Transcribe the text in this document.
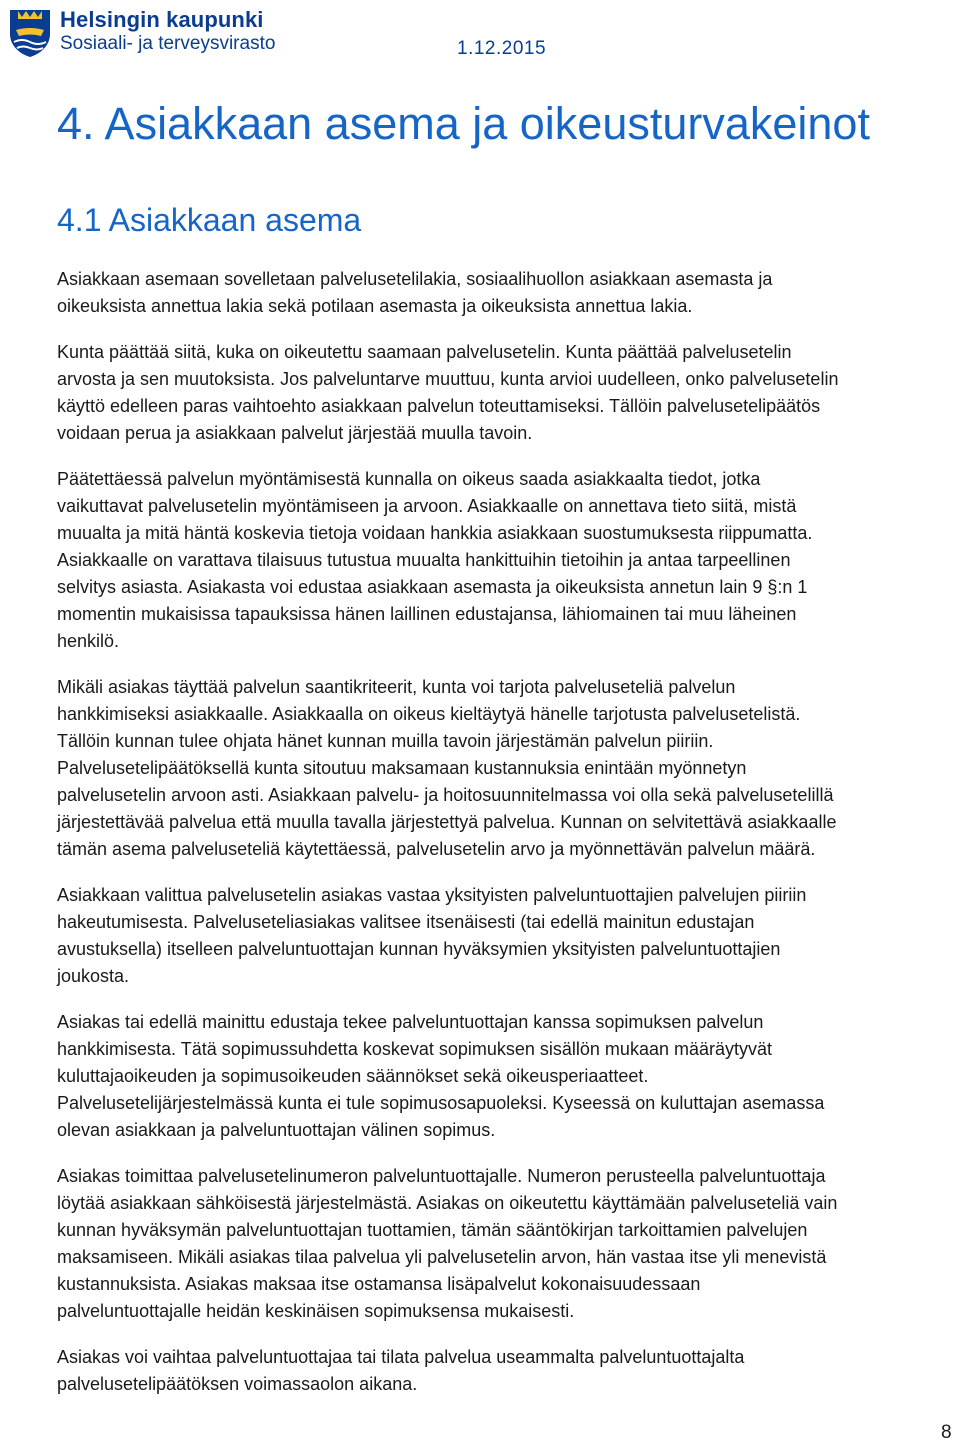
Helsingin kaupunki
Sosiaali- ja terveysvirasto	1.12.2015
4. Asiakkaan asema ja oikeusturvakeinot
4.1 Asiakkaan asema

Asiakkaan asemaan sovelletaan palvelusetelilakia, sosiaalihuollon asiakkaan asemasta ja
oikeuksista annettua lakia sekä potilaan asemasta ja oikeuksista annettua lakia.

Kunta päättää siitä, kuka on oikeutettu saamaan palvelusetelin. Kunta päättää palvelusetelin
arvosta ja sen muutoksista. Jos palveluntarve muuttuu, kunta arvioi uudelleen, onko palvelusetelin
käyttö edelleen paras vaihtoehto asiakkaan palvelun toteuttamiseksi. Tällöin palvelusetelipäätös
voidaan perua ja asiakkaan palvelut järjestää muulla tavoin.

Päätettäessä palvelun myöntämisestä kunnalla on oikeus saada asiakkaalta tiedot, jotka
vaikuttavat palvelusetelin myöntämiseen ja arvoon. Asiakkaalle on annettava tieto siitä, mistä
muualta ja mitä häntä koskevia tietoja voidaan hankkia asiakkaan suostumuksesta riippumatta.
Asiakkaalle on varattava tilaisuus tutustua muualta hankittuihin tietoihin ja antaa tarpeellinen
selvitys asiasta. Asiakasta voi edustaa asiakkaan asemasta ja oikeuksista annetun lain 9 §:n 1
momentin mukaisissa tapauksissa hänen laillinen edustajansa, lähiomainen tai muu läheinen
henkilö.

Mikäli asiakas täyttää palvelun saantikriteerit, kunta voi tarjota palveluseteliä palvelun
hankkimiseksi asiakkaalle. Asiakkaalla on oikeus kieltäytyä hänelle tarjotusta palvelusetelistä.
Tällöin kunnan tulee ohjata hänet kunnan muilla tavoin järjestämän palvelun piiriin.
Palvelusetelipäätöksellä kunta sitoutuu maksamaan kustannuksia enintään myönnetyn
palvelusetelin arvoon asti. Asiakkaan palvelu- ja hoitosuunnitelmassa voi olla sekä palvelusetelillä
järjestettävää palvelua että muulla tavalla järjestettyä palvelua. Kunnan on selvitettävä asiakkaalle
tämän asema palveluseteliä käytettäessä, palvelusetelin arvo ja myönnettävän palvelun määrä.

Asiakkaan valittua palvelusetelin asiakas vastaa yksityisten palveluntuottajien palvelujen piiriin
hakeutumisesta. Palveluseteliasiakas valitsee itsenäisesti (tai edellä mainitun edustajan
avustuksella) itselleen palveluntuottajan kunnan hyväksymien yksityisten palveluntuottajien
joukosta.

Asiakas tai edellä mainittu edustaja tekee palveluntuottajan kanssa sopimuksen palvelun
hankkimisesta. Tätä sopimussuhdetta koskevat sopimuksen sisällön mukaan määräytyvät
kuluttajaoikeuden ja sopimusoikeuden säännökset sekä oikeusperiaatteet.
Palvelusetelijärjestelmässä kunta ei tule sopimusosapuoleksi. Kyseessä on kuluttajan asemassa
olevan asiakkaan ja palveluntuottajan välinen sopimus.

Asiakas toimittaa palvelusetelinumeron palveluntuottajalle. Numeron perusteella palveluntuottaja
löytää asiakkaan sähköisestä järjestelmästä. Asiakas on oikeutettu käyttämään palveluseteliä vain
kunnan hyväksymän palveluntuottajan tuottamien, tämän sääntökirjan tarkoittamien palvelujen
maksamiseen. Mikäli asiakas tilaa palvelua yli palvelusetelin arvon, hän vastaa itse yli menevistä
kustannuksista. Asiakas maksaa itse ostamansa lisäpalvelut kokonaisuudessaan
palveluntuottajalle heidän keskinäisen sopimuksensa mukaisesti.

Asiakas voi vaihtaa palveluntuottajaa tai tilata palvelua useammalta palveluntuottajalta
palvelusetelipäätöksen voimassaolon aikana.

8
